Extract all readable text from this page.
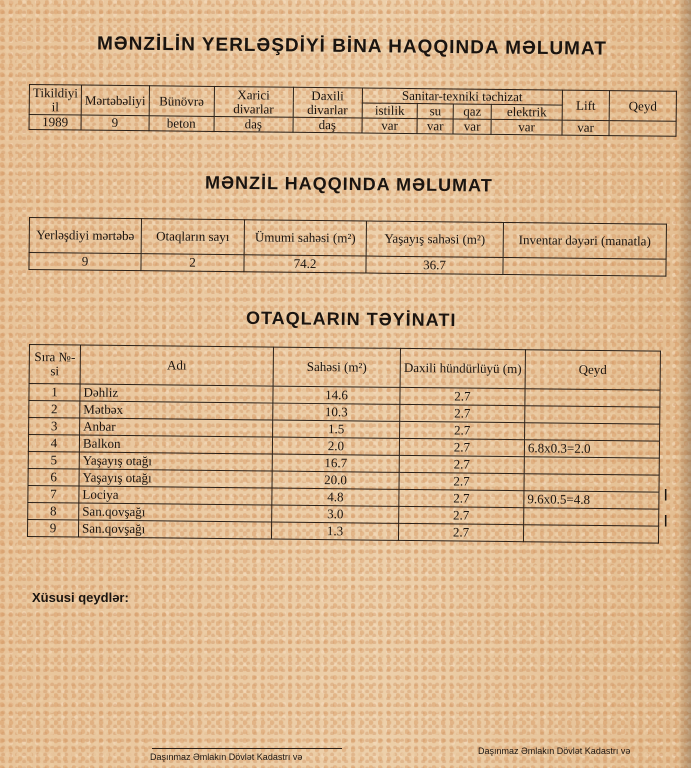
MƏNZİLİN YERLƏŞDİYİ BİNA HAQQINDA MƏLUMAT
Tikildiyi il	Mərtəbəliyi	Bünövrə	Xarici divarlar	Daxili divarlar	Sanitar-texniki təchizat				Lift	Qeyd
					istilik	su	qaz	elektrik		
1989	9	beton	daş	daş	var	var	var	var	var	
MƏNZİL HAQQINDA MƏLUMAT
Yerləşdiyi mərtəbə	Otaqların sayı	Ümumi sahəsi (m²)	Yaşayış sahəsi (m²)	Inventar dəyəri (manatla)
9	2	74.2	36.7	
OTAQLARIN TƏYİNATI
Sıra №-si	Adı	Sahəsi (m²)	Daxili hündürlüyü (m)	Qeyd
1	Dəhliz	14.6	2.7	
2	Mətbəx	10.3	2.7	
3	Anbar	1.5	2.7	
4	Balkon	2.0	2.7	6.8x0.3=2.0
5	Yaşayış otağı	16.7	2.7	
6	Yaşayış otağı	20.0	2.7	
7	Lociya	4.8	2.7	9.6x0.5=4.8
8	San.qovşağı	3.0	2.7	
9	San.qovşağı	1.3	2.7	
Xüsusi qeydlər:
|
|
Daşınmaz Əmlakın Dövlət Kadastrı və
Daşınmaz Əmlakın Dövlət Kadastrı və
